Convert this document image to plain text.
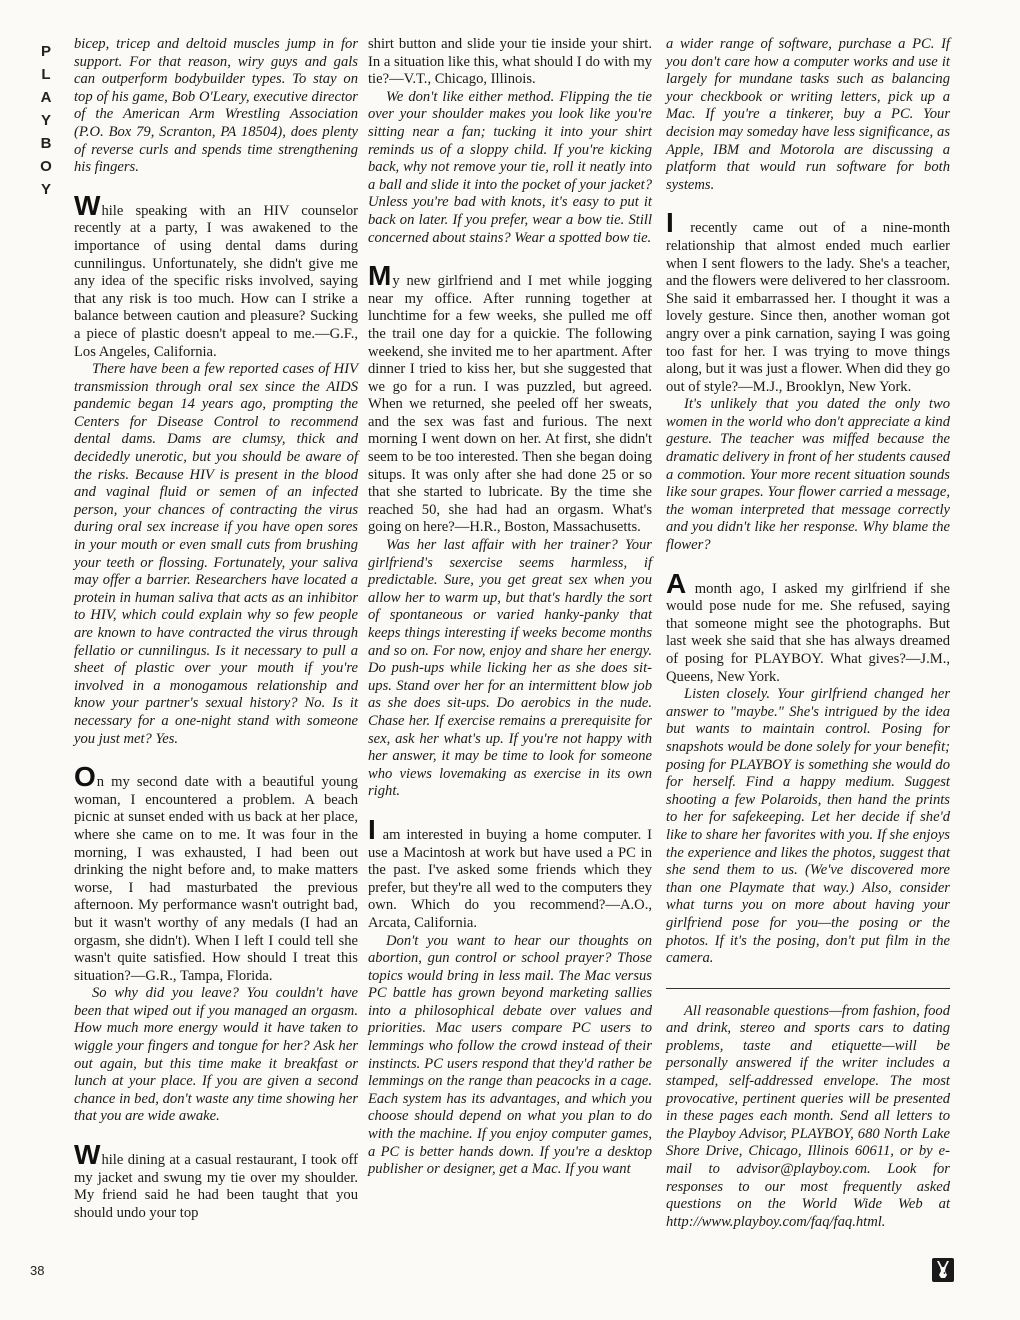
P
L
A
Y
B
O
Y

bicep, tricep and deltoid muscles jump in for support. For that reason, wiry guys and gals can outperform bodybuilder types. To stay on top of his game, Bob O'Leary, executive director of the American Arm Wrestling Association (P.O. Box 79, Scranton, PA 18504), does plenty of reverse curls and spends time strengthening his fingers.

While speaking with an HIV counselor recently at a party, I was awakened to the importance of using dental dams during cunnilingus. Unfortunately, she didn't give me any idea of the specific risks involved, saying that any risk is too much. How can I strike a balance between caution and pleasure? Sucking a piece of plastic doesn't appeal to me.—G.F., Los Angeles, California.

There have been a few reported cases of HIV transmission through oral sex since the AIDS pandemic began 14 years ago, prompting the Centers for Disease Control to recommend dental dams. Dams are clumsy, thick and decidedly unerotic, but you should be aware of the risks. Because HIV is present in the blood and vaginal fluid or semen of an infected person, your chances of contracting the virus during oral sex increase if you have open sores in your mouth or even small cuts from brushing your teeth or flossing. Fortunately, your saliva may offer a barrier. Researchers have located a protein in human saliva that acts as an inhibitor to HIV, which could explain why so few people are known to have contracted the virus through fellatio or cunnilingus. Is it necessary to pull a sheet of plastic over your mouth if you're involved in a monogamous relationship and know your partner's sexual history? No. Is it necessary for a one-night stand with someone you just met? Yes.

On my second date with a beautiful young woman, I encountered a problem. A beach picnic at sunset ended with us back at her place, where she came on to me. It was four in the morning, I was exhausted, I had been out drinking the night before and, to make matters worse, I had masturbated the previous afternoon. My performance wasn't outright bad, but it wasn't worthy of any medals (I had an orgasm, she didn't). When I left I could tell she wasn't quite satisfied. How should I treat this situation?—G.R., Tampa, Florida.

So why did you leave? You couldn't have been that wiped out if you managed an orgasm. How much more energy would it have taken to wiggle your fingers and tongue for her? Ask her out again, but this time make it breakfast or lunch at your place. If you are given a second chance in bed, don't waste any time showing her that you are wide awake.

While dining at a casual restaurant, I took off my jacket and swung my tie over my shoulder. My friend said he had been taught that you should undo your top

shirt button and slide your tie inside your shirt. In a situation like this, what should I do with my tie?—V.T., Chicago, Illinois.

We don't like either method. Flipping the tie over your shoulder makes you look like you're sitting near a fan; tucking it into your shirt reminds us of a sloppy child. If you're kicking back, why not remove your tie, roll it neatly into a ball and slide it into the pocket of your jacket? Unless you're bad with knots, it's easy to put it back on later. If you prefer, wear a bow tie. Still concerned about stains? Wear a spotted bow tie.

My new girlfriend and I met while jogging near my office. After running together at lunchtime for a few weeks, she pulled me off the trail one day for a quickie. The following weekend, she invited me to her apartment. After dinner I tried to kiss her, but she suggested that we go for a run. I was puzzled, but agreed. When we returned, she peeled off her sweats, and the sex was fast and furious. The next morning I went down on her. At first, she didn't seem to be too interested. Then she began doing situps. It was only after she had done 25 or so that she started to lubricate. By the time she reached 50, she had had an orgasm. What's going on here?—H.R., Boston, Massachusetts.

Was her last affair with her trainer? Your girlfriend's sexercise seems harmless, if predictable. Sure, you get great sex when you allow her to warm up, but that's hardly the sort of spontaneous or varied hanky-panky that keeps things interesting if weeks become months and so on. For now, enjoy and share her energy. Do push-ups while licking her as she does sit-ups. Stand over her for an intermittent blow job as she does sit-ups. Do aerobics in the nude. Chase her. If exercise remains a prerequisite for sex, ask her what's up. If you're not happy with her answer, it may be time to look for someone who views lovemaking as exercise in its own right.

I am interested in buying a home computer. I use a Macintosh at work but have used a PC in the past. I've asked some friends which they prefer, but they're all wed to the computers they own. Which do you recommend?—A.O., Arcata, California.

Don't you want to hear our thoughts on abortion, gun control or school prayer? Those topics would bring in less mail. The Mac versus PC battle has grown beyond marketing sallies into a philosophical debate over values and priorities. Mac users compare PC users to lemmings who follow the crowd instead of their instincts. PC users respond that they'd rather be lemmings on the range than peacocks in a cage. Each system has its advantages, and which you choose should depend on what you plan to do with the machine. If you enjoy computer games, a PC is better hands down. If you're a desktop publisher or designer, get a Mac. If you want

a wider range of software, purchase a PC. If you don't care how a computer works and use it largely for mundane tasks such as balancing your checkbook or writing letters, pick up a Mac. If you're a tinkerer, buy a PC. Your decision may someday have less significance, as Apple, IBM and Motorola are discussing a platform that would run software for both systems.

I recently came out of a nine-month relationship that almost ended much earlier when I sent flowers to the lady. She's a teacher, and the flowers were delivered to her classroom. She said it embarrassed her. I thought it was a lovely gesture. Since then, another woman got angry over a pink carnation, saying I was going too fast for her. I was trying to move things along, but it was just a flower. When did they go out of style?—M.J., Brooklyn, New York.

It's unlikely that you dated the only two women in the world who don't appreciate a kind gesture. The teacher was miffed because the dramatic delivery in front of her students caused a commotion. Your more recent situation sounds like sour grapes. Your flower carried a message, the woman interpreted that message correctly and you didn't like her response. Why blame the flower?

A month ago, I asked my girlfriend if she would pose nude for me. She refused, saying that someone might see the photographs. But last week she said that she has always dreamed of posing for PLAYBOY. What gives?—J.M., Queens, New York.

Listen closely. Your girlfriend changed her answer to "maybe." She's intrigued by the idea but wants to maintain control. Posing for snapshots would be done solely for your benefit; posing for PLAYBOY is something she would do for herself. Find a happy medium. Suggest shooting a few Polaroids, then hand the prints to her for safekeeping. Let her decide if she'd like to share her favorites with you. If she enjoys the experience and likes the photos, suggest that she send them to us. (We've discovered more than one Playmate that way.) Also, consider what turns you on more about having your girlfriend pose for you—the posing or the photos. If it's the posing, don't put film in the camera.

All reasonable questions—from fashion, food and drink, stereo and sports cars to dating problems, taste and etiquette—will be personally answered if the writer includes a stamped, self-addressed envelope. The most provocative, pertinent queries will be presented in these pages each month. Send all letters to the Playboy Advisor, PLAYBOY, 680 North Lake Shore Drive, Chicago, Illinois 60611, or by e-mail to advisor@playboy.com. Look for responses to our most frequently asked questions on the World Wide Web at http://www.playboy.com/faq/faq.html.

38
